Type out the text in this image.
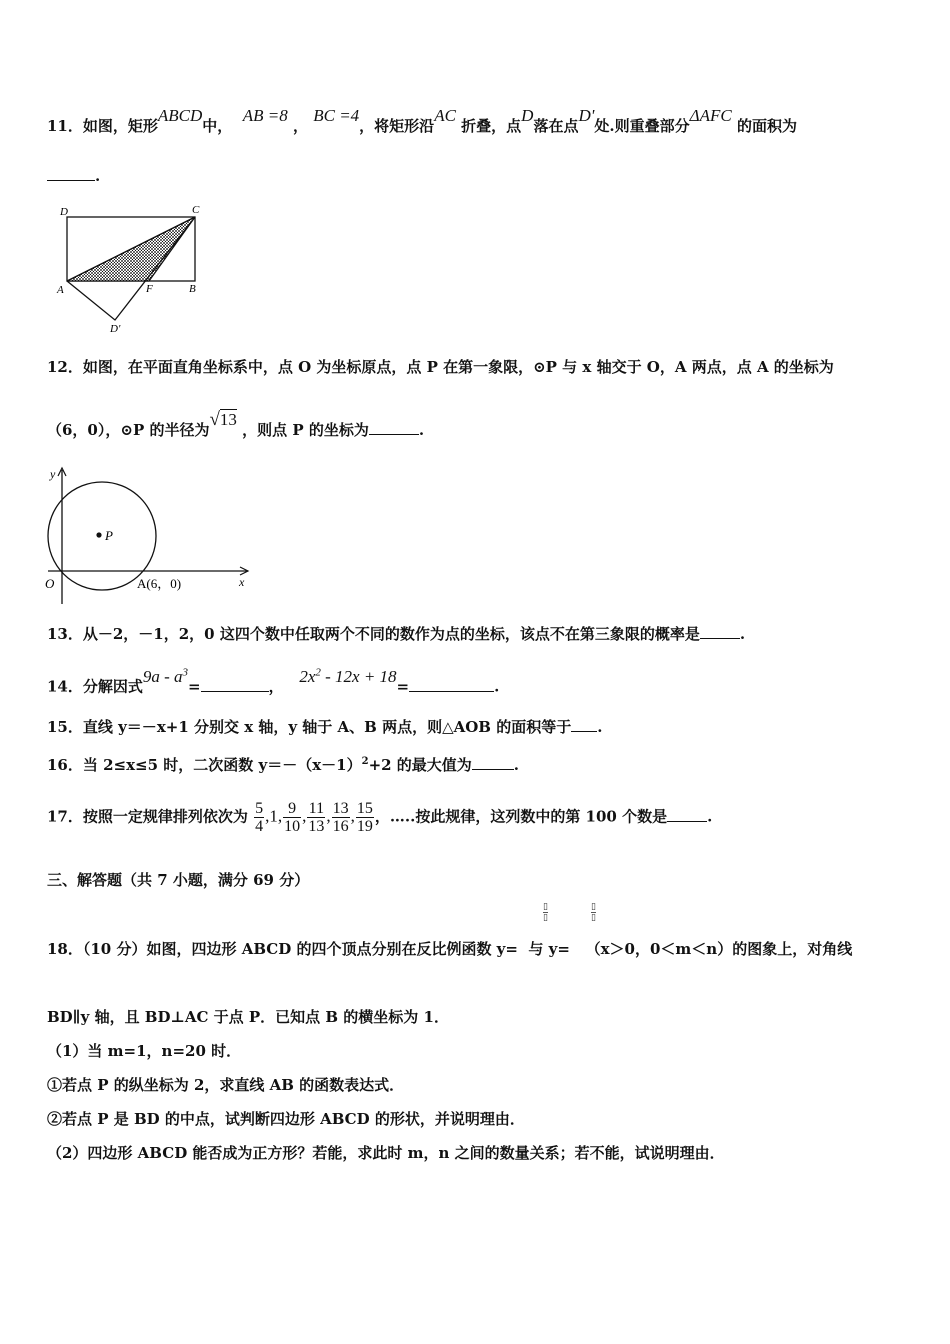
11．如图，矩形ABCD中，  AB =8 ， BC =4，将矩形沿AC 折叠，点D落在点D'处.则重叠部分ΔAFC 的面积为
.
D	C
A	F	B
D'
12．如图，在平面直角坐标系中，点 O 为坐标原点，点 P 在第一象限，⊙P 与 x 轴交于 O，A 两点，点 A 的坐标为
（6，0），⊙P 的半径为√13 ，则点 P 的坐标为	.
y
x
O
P
A(6，0)
13．从－2，－1，2，0 这四个数中任取两个不同的数作为点的坐标，该点不在第三象限的概率是	.
14．分解因式$9a - a^3=$	，   $2x^2 - 12x + 18=$	.
15．直线 y＝－x+1 分别交 x 轴，y 轴于 A、B 两点，则△AOB 的面积等于 .
16．当 2≤x≤5 时，二次函数 $y=-(x-1)^2+2$ 的最大值为	.
17．按照一定规律排列依次为 $\frac{5}{4} ,1$, $\frac{9}{10}$ , $\frac{11}{13}$ , $\frac{13}{16}$ , $\frac{15}{19}$ ，…..按此规律，这列数中的第 100 个数是	.
三、解答题（共 7 小题，满分 69 分）
▯
▯
▯
▯
18．（10 分）如图，四边形 ABCD 的四个顶点分别在反比例函数 y= 与 y= （x＞0，0＜m＜n）的图象上，对角线
BD∥y 轴，且 BD⊥AC 于点 P．已知点 B 的横坐标为 1．
（1）当 m=1，n=20 时．
①若点 P 的纵坐标为 2，求直线 AB 的函数表达式．
②若点 P 是 BD 的中点，试判断四边形 ABCD 的形状，并说明理由．
（2）四边形 ABCD 能否成为正方形？若能，求此时 m，n 之间的数量关系；若不能，试说明理由．
